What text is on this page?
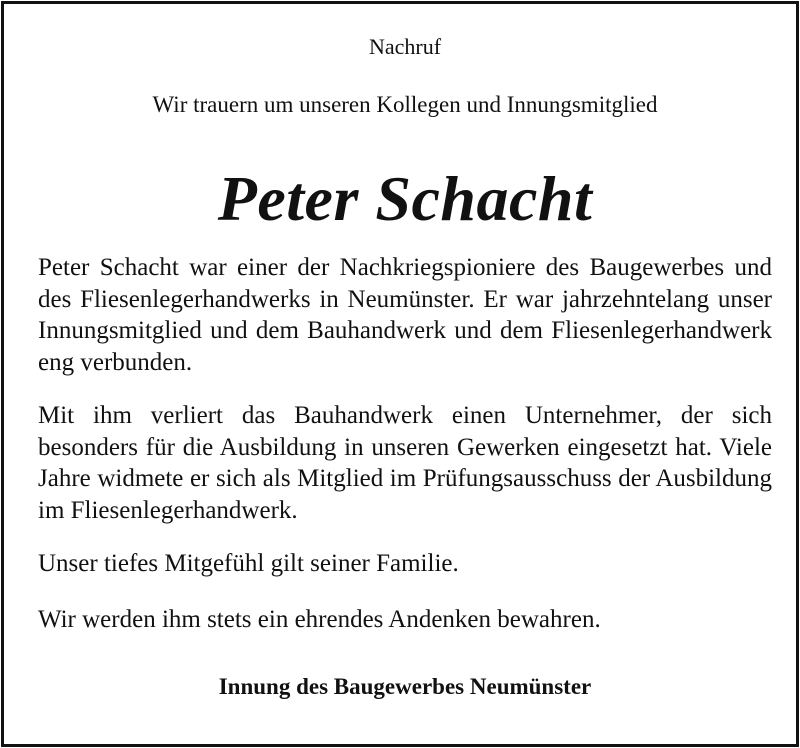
Nachruf
Wir trauern um unseren Kollegen und Innungsmitglied
Peter Schacht
Peter Schacht war einer der Nachkriegspioniere des Baugewerbes und des Fliesenlegerhandwerks in Neumünster. Er war jahrzehntelang unser Innungsmitglied und dem Bauhandwerk und dem Fliesenlegerhandwerk eng verbunden.
Mit ihm verliert das Bauhandwerk einen Unternehmer, der sich besonders für die Ausbildung in unseren Gewerken eingesetzt hat. Viele Jahre widmete er sich als Mitglied im Prüfungsausschuss der Ausbildung im Fliesenlegerhandwerk.
Unser tiefes Mitgefühl gilt seiner Familie.
Wir werden ihm stets ein ehrendes Andenken bewahren.
Innung des Baugewerbes Neumünster
